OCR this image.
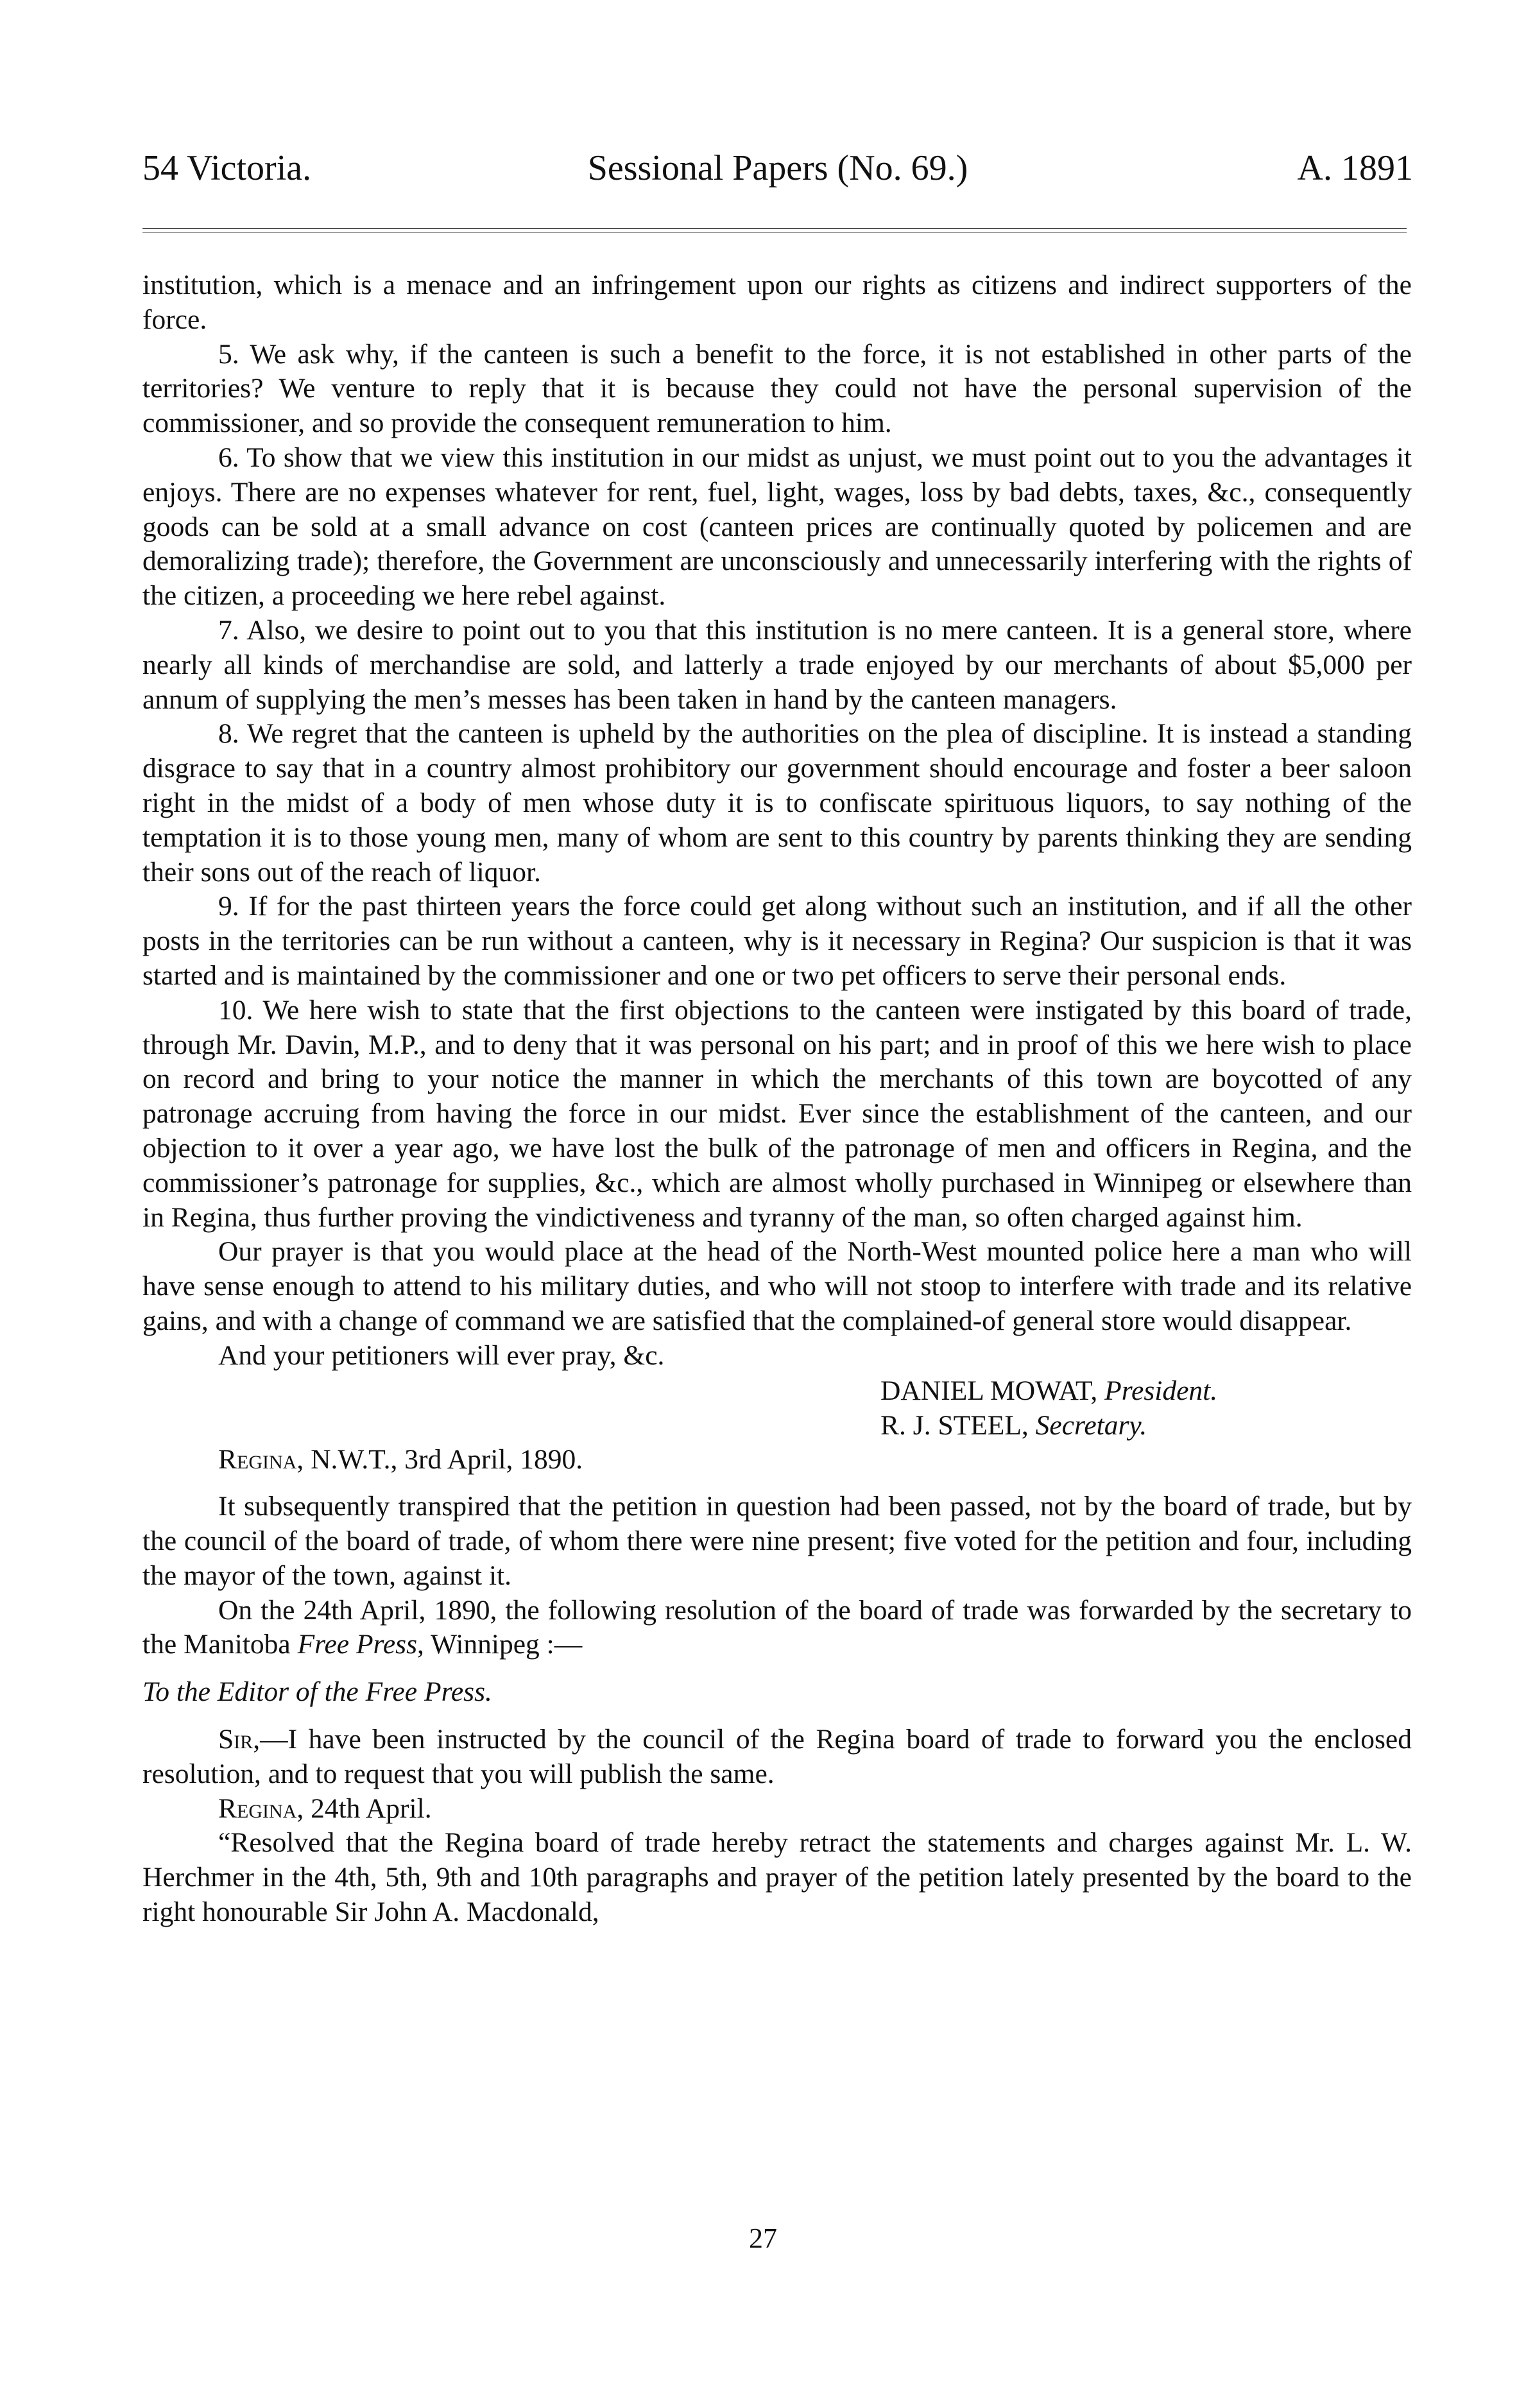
54 Victoria.	Sessional Papers (No. 69.)	A. 1891

institution, which is a menace and an infringement upon our rights as citizens and indirect supporters of the force.

5. We ask why, if the canteen is such a benefit to the force, it is not established in other parts of the territories? We venture to reply that it is because they could not have the personal supervision of the commissioner, and so provide the consequent remuneration to him.

6. To show that we view this institution in our midst as unjust, we must point out to you the advantages it enjoys. There are no expenses whatever for rent, fuel, light, wages, loss by bad debts, taxes, &c., consequently goods can be sold at a small advance on cost (canteen prices are continually quoted by policemen and are demoralizing trade); therefore, the Government are unconsciously and unnecessarily interfering with the rights of the citizen, a proceeding we here rebel against.

7. Also, we desire to point out to you that this institution is no mere canteen. It is a general store, where nearly all kinds of merchandise are sold, and latterly a trade enjoyed by our merchants of about $5,000 per annum of supplying the men’s messes has been taken in hand by the canteen managers.

8. We regret that the canteen is upheld by the authorities on the plea of discipline. It is instead a standing disgrace to say that in a country almost prohibitory our government should encourage and foster a beer saloon right in the midst of a body of men whose duty it is to confiscate spirituous liquors, to say nothing of the temptation it is to those young men, many of whom are sent to this country by parents thinking they are sending their sons out of the reach of liquor.

9. If for the past thirteen years the force could get along without such an institution, and if all the other posts in the territories can be run without a canteen, why is it necessary in Regina? Our suspicion is that it was started and is maintained by the commissioner and one or two pet officers to serve their personal ends.

10. We here wish to state that the first objections to the canteen were instigated by this board of trade, through Mr. Davin, M.P., and to deny that it was personal on his part; and in proof of this we here wish to place on record and bring to your notice the manner in which the merchants of this town are boycotted of any patronage accruing from having the force in our midst. Ever since the establishment of the canteen, and our objection to it over a year ago, we have lost the bulk of the patronage of men and officers in Regina, and the commissioner’s patronage for supplies, &c., which are almost wholly purchased in Winnipeg or elsewhere than in Regina, thus further proving the vindictiveness and tyranny of the man, so often charged against him.

Our prayer is that you would place at the head of the North-West mounted police here a man who will have sense enough to attend to his military duties, and who will not stoop to interfere with trade and its relative gains, and with a change of command we are satisfied that the complained-of general store would disappear.

And your petitioners will ever pray, &c.

DANIEL MOWAT, President.

R. J. STEEL, Secretary.

Regina, N.W.T., 3rd April, 1890.

It subsequently transpired that the petition in question had been passed, not by the board of trade, but by the council of the board of trade, of whom there were nine present; five voted for the petition and four, including the mayor of the town, against it.

On the 24th April, 1890, the following resolution of the board of trade was forwarded by the secretary to the Manitoba Free Press, Winnipeg :—

To the Editor of the Free Press.

Sir,—I have been instructed by the council of the Regina board of trade to forward you the enclosed resolution, and to request that you will publish the same.

Regina, 24th April.

“Resolved that the Regina board of trade hereby retract the statements and charges against Mr. L. W. Herchmer in the 4th, 5th, 9th and 10th paragraphs and prayer of the petition lately presented by the board to the right honourable Sir John A. Macdonald,

27
